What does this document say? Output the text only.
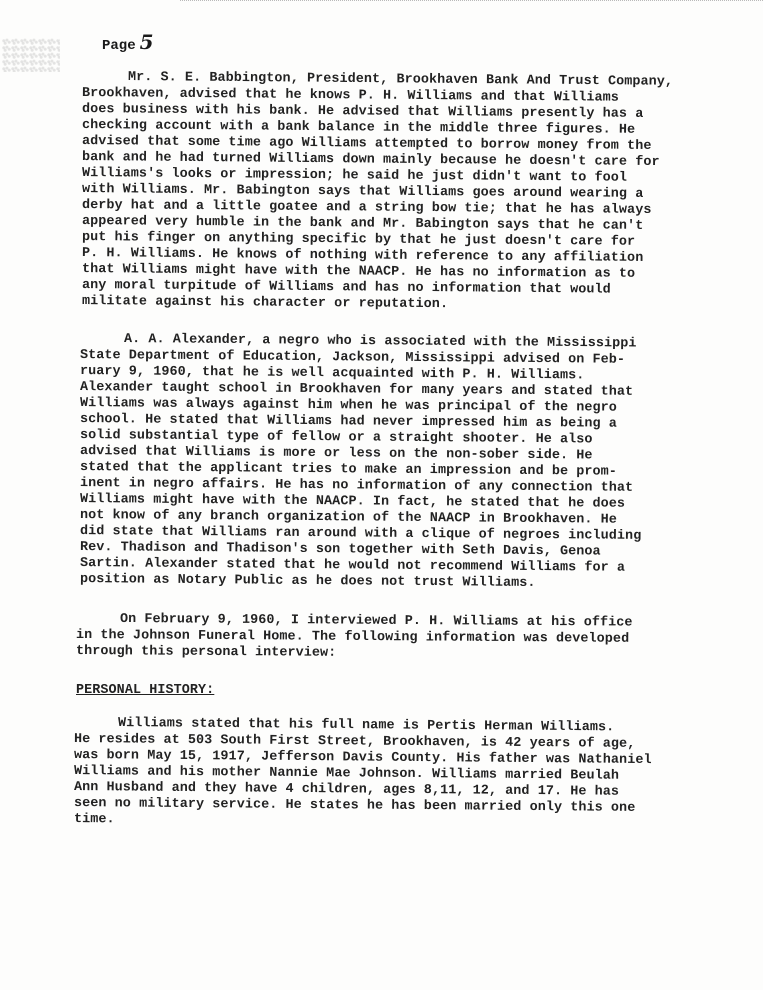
Page 5
Mr. S. E. Babbington, President, Brookhaven Bank And Trust Company,
Brookhaven, advised that he knows P. H. Williams and that Williams
does business with his bank. He advised that Williams presently has a
checking account with a bank balance in the middle three figures. He
advised that some time ago Williams attempted to borrow money from the
bank and he had turned Williams down mainly because he doesn't care for
Williams's looks or impression; he said he just didn't want to fool
with Williams. Mr. Babington says that Williams goes around wearing a
derby hat and a little goatee and a string bow tie; that he has always
appeared very humble in the bank and Mr. Babington says that he can't
put his finger on anything specific by that he just doesn't care for
P. H. Williams. He knows of nothing with reference to any affiliation
that Williams might have with the NAACP. He has no information as to
any moral turpitude of Williams and has no information that would
militate against his character or reputation.
A. A. Alexander, a negro who is associated with the Mississippi
State Department of Education, Jackson, Mississippi advised on Feb-
ruary 9, 1960, that he is well acquainted with P. H. Williams.
Alexander taught school in Brookhaven for many years and stated that
Williams was always against him when he was principal of the negro
school. He stated that Williams had never impressed him as being a
solid substantial type of fellow or a straight shooter. He also
advised that Williams is more or less on the non-sober side. He
stated that the applicant tries to make an impression and be prom-
inent in negro affairs. He has no information of any connection that
Williams might have with the NAACP. In fact, he stated that he does
not know of any branch organization of the NAACP in Brookhaven. He
did state that Williams ran around with a clique of negroes including
Rev. Thadison and Thadison's son together with Seth Davis, Genoa
Sartin. Alexander stated that he would not recommend Williams for a
position as Notary Public as he does not trust Williams.
On February 9, 1960, I interviewed P. H. Williams at his office
in the Johnson Funeral Home. The following information was developed
through this personal interview:
PERSONAL HISTORY:
Williams stated that his full name is Pertis Herman Williams.
He resides at 503 South First Street, Brookhaven, is 42 years of age,
was born May 15, 1917, Jefferson Davis County. His father was Nathaniel
Williams and his mother Nannie Mae Johnson. Williams married Beulah
Ann Husband and they have 4 children, ages 8,11, 12, and 17. He has
seen no military service. He states he has been married only this one
time.
